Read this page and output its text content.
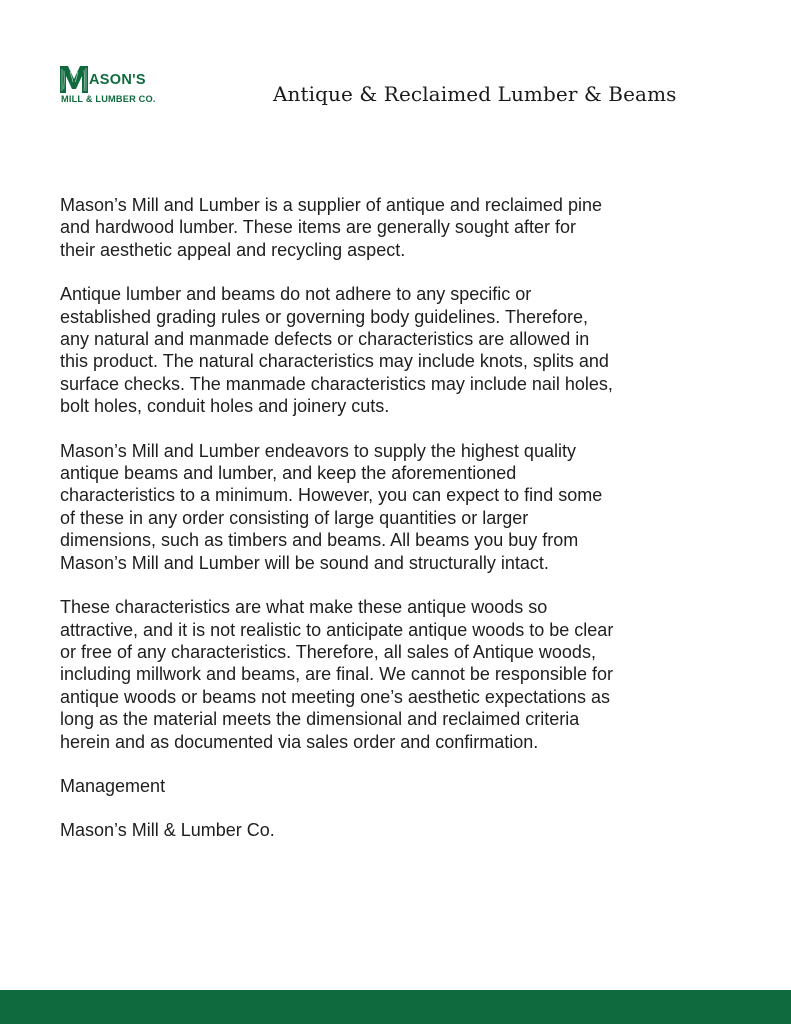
ASON'S
MILL & LUMBER CO.	Antique & Reclaimed Lumber & Beams

Mason’s Mill and Lumber is a supplier of antique and reclaimed pine
and hardwood lumber. These items are generally sought after for
their aesthetic appeal and recycling aspect.

Antique lumber and beams do not adhere to any specific or
established grading rules or governing body guidelines. Therefore,
any natural and manmade defects or characteristics are allowed in
this product. The natural characteristics may include knots, splits and
surface checks. The manmade characteristics may include nail holes,
bolt holes, conduit holes and joinery cuts.

Mason’s Mill and Lumber endeavors to supply the highest quality
antique beams and lumber, and keep the aforementioned
characteristics to a minimum. However, you can expect to find some
of these in any order consisting of large quantities or larger
dimensions, such as timbers and beams. All beams you buy from
Mason’s Mill and Lumber will be sound and structurally intact.

These characteristics are what make these antique woods so
attractive, and it is not realistic to anticipate antique woods to be clear
or free of any characteristics. Therefore, all sales of Antique woods,
including millwork and beams, are final. We cannot be responsible for
antique woods or beams not meeting one’s aesthetic expectations as
long as the material meets the dimensional and reclaimed criteria
herein and as documented via sales order and confirmation.

Management

Mason’s Mill & Lumber Co.
